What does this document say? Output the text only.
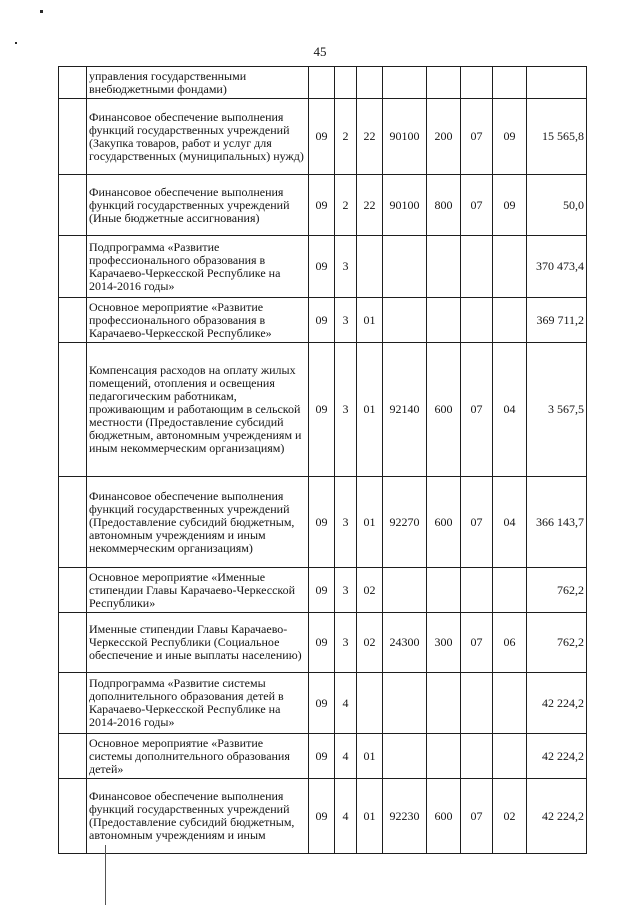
45
	управления государственными внебюджетными фондами)								
	Финансовое обеспечение выполнения функций государственных учреждений (Закупка товаров, работ и услуг для государственных (муниципальных) нужд)	09	2	22	90100	200	07	09	15 565,8
	Финансовое обеспечение выполнения функций государственных учреждений (Иные бюджетные ассигнования)	09	2	22	90100	800	07	09	50,0
	Подпрограмма «Развитие профессионального образования в Карачаево-Черкесской Республике на 2014-2016 годы»	09	3						370 473,4
	Основное мероприятие «Развитие профессионального образования в Карачаево-Черкесской Республике»	09	3	01					369 711,2
	Компенсация расходов на оплату жилых помещений, отопления и освещения педагогическим работникам, проживающим и работающим в сельской местности (Предоставление субсидий бюджетным, автономным учреждениям и иным некоммерческим организациям)	09	3	01	92140	600	07	04	3 567,5
	Финансовое обеспечение выполнения функций государственных учреждений (Предоставление субсидий бюджетным, автономным учреждениям и иным некоммерческим организациям)	09	3	01	92270	600	07	04	366 143,7
	Основное мероприятие «Именные стипендии Главы Карачаево-Черкесской Республики»	09	3	02					762,2
	Именные стипендии Главы Карачаево-Черкесской Республики (Социальное обеспечение и иные выплаты населению)	09	3	02	24300	300	07	06	762,2
	Подпрограмма «Развитие системы дополнительного образования детей в Карачаево-Черкесской Республике на 2014-2016 годы»	09	4						42 224,2
	Основное мероприятие «Развитие системы дополнительного образования детей»	09	4	01					42 224,2
	Финансовое обеспечение выполнения функций государственных учреждений (Предоставление субсидий бюджетным, автономным учреждениям и иным	09	4	01	92230	600	07	02	42 224,2
